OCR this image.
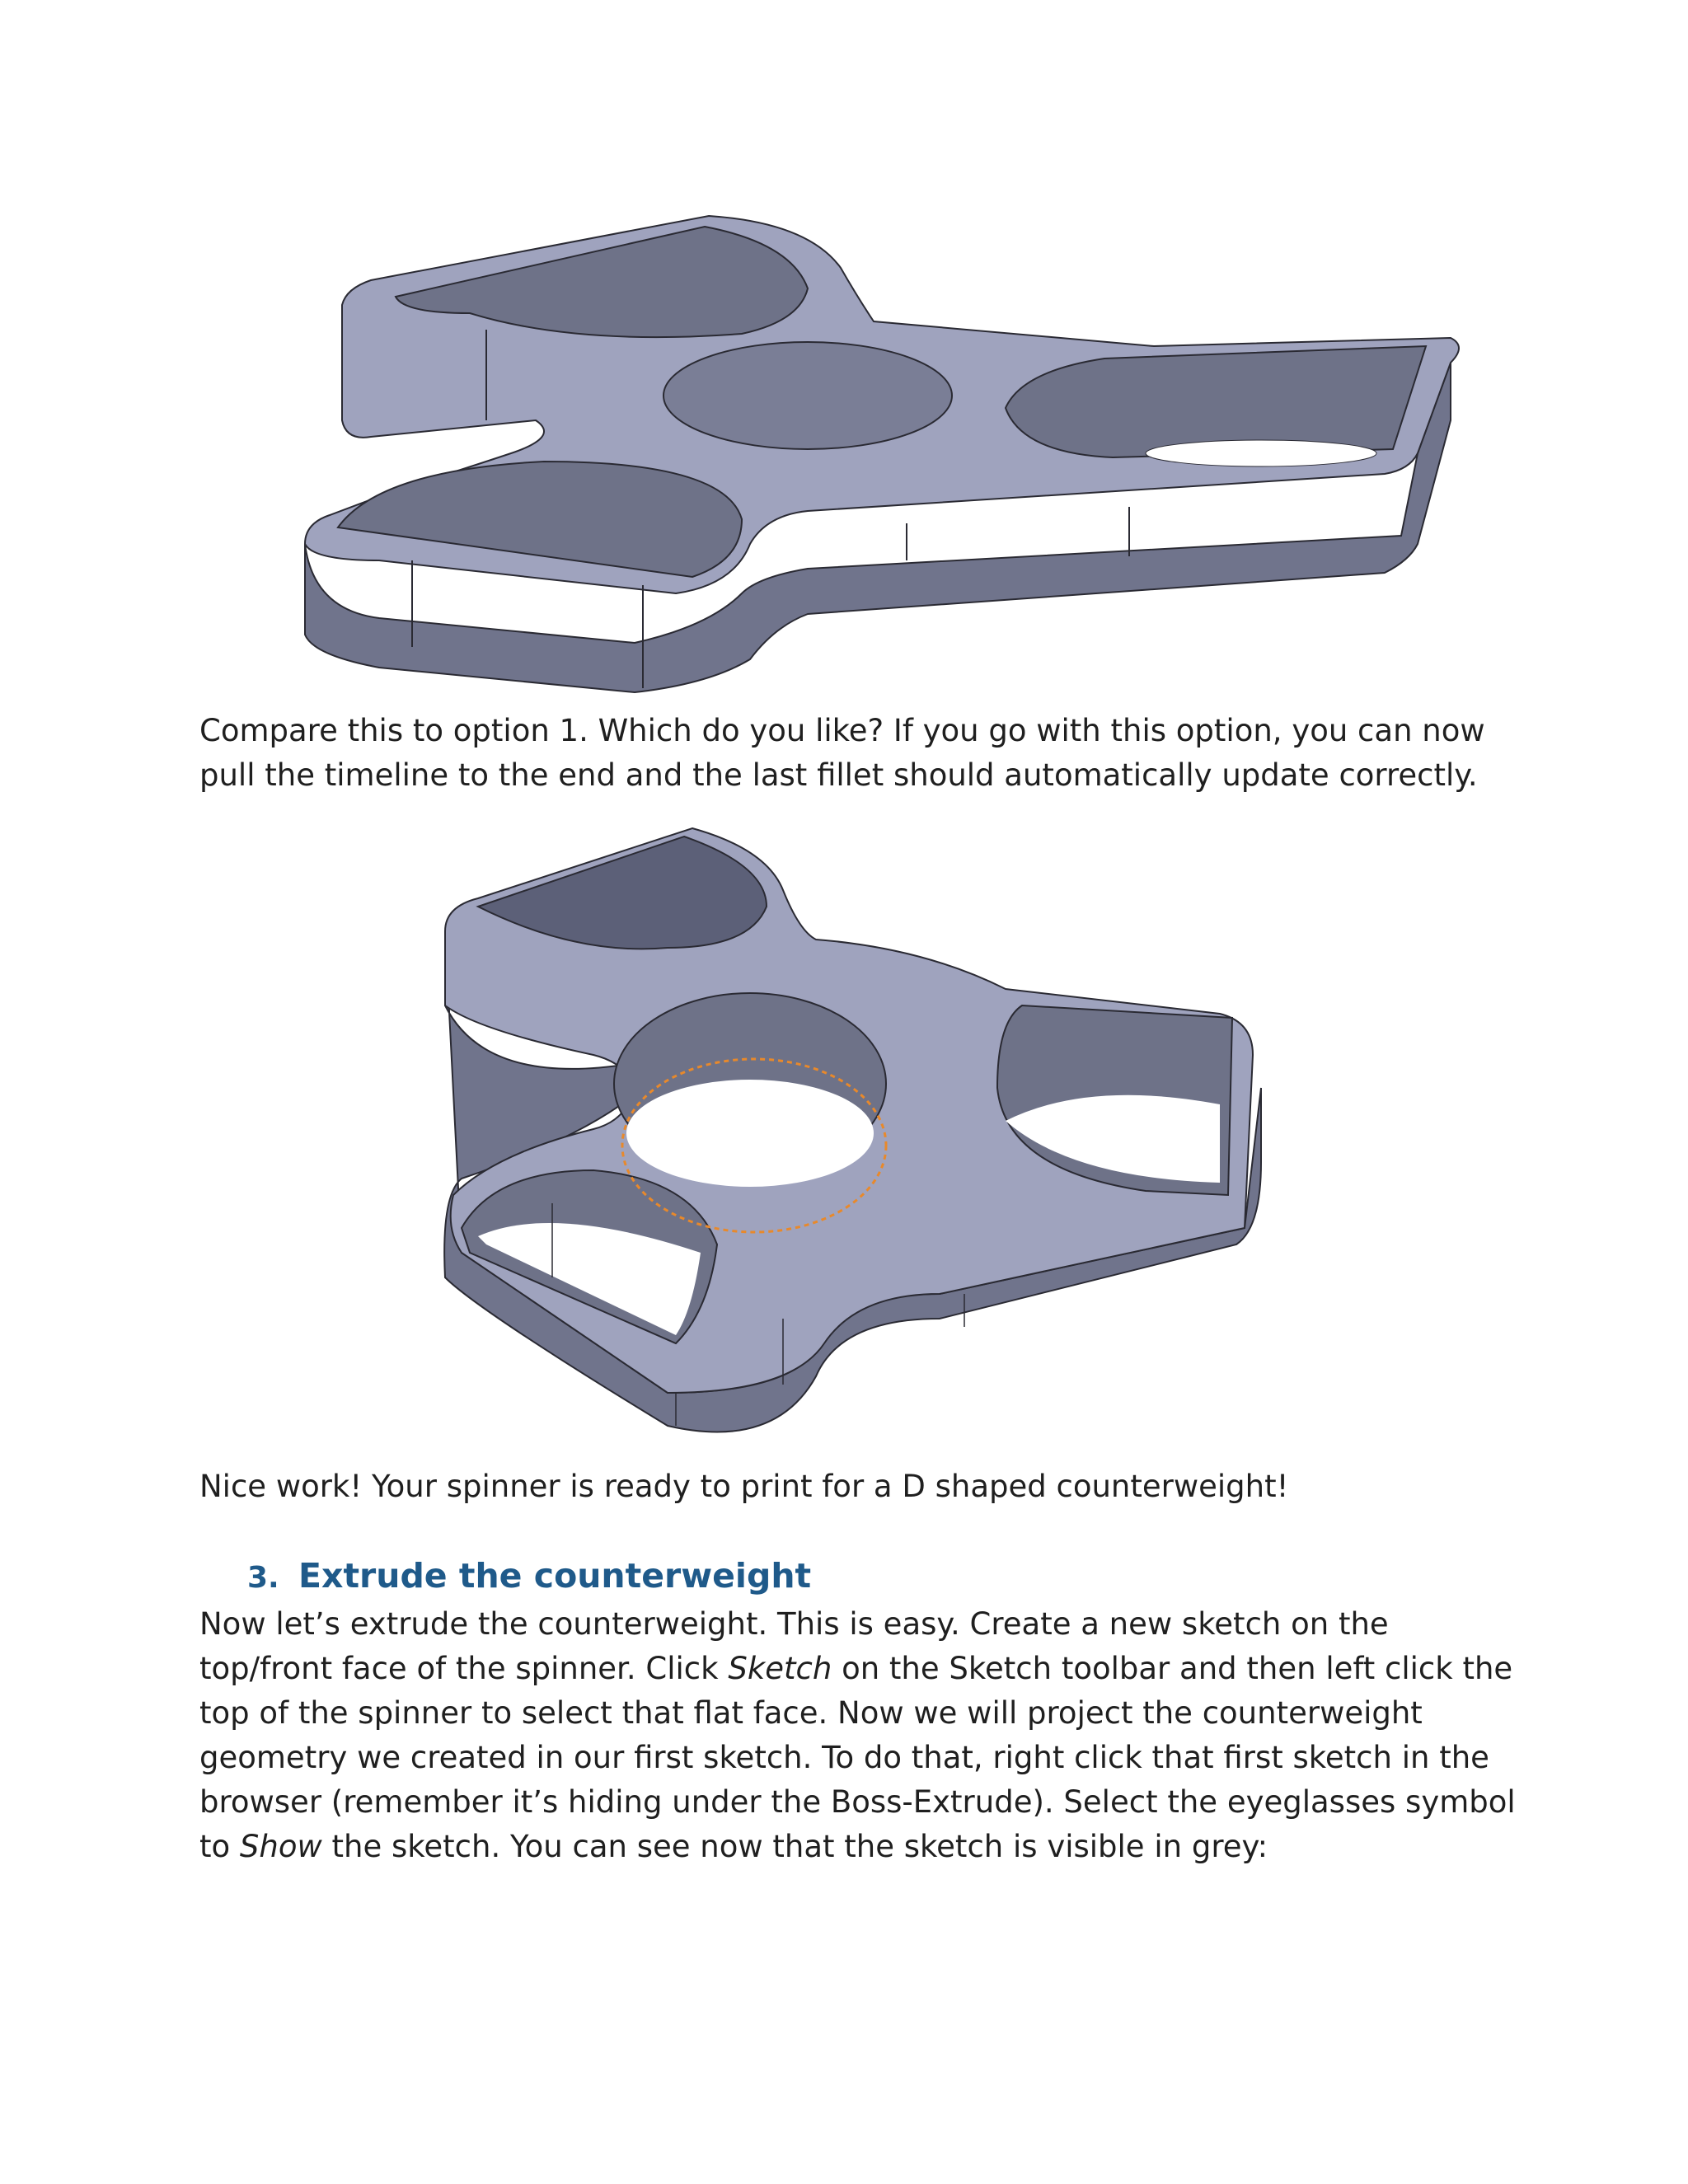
Compare this to option 1. Which do you like? If you go with this option, you can now pull the timeline to the end and the last fillet should automatically update correctly.

Nice work! Your spinner is ready to print for a D shaped counterweight!

3. Extrude the counterweight

Now let’s extrude the counterweight. This is easy. Create a new sketch on the top/front face of the spinner. Click Sketch on the Sketch toolbar and then left click the top of the spinner to select that flat face. Now we will project the counterweight geometry we created in our first sketch. To do that, right click that first sketch in the browser (remember it’s hiding under the Boss-Extrude). Select the eyeglasses symbol to Show the sketch. You can see now that the sketch is visible in grey:
